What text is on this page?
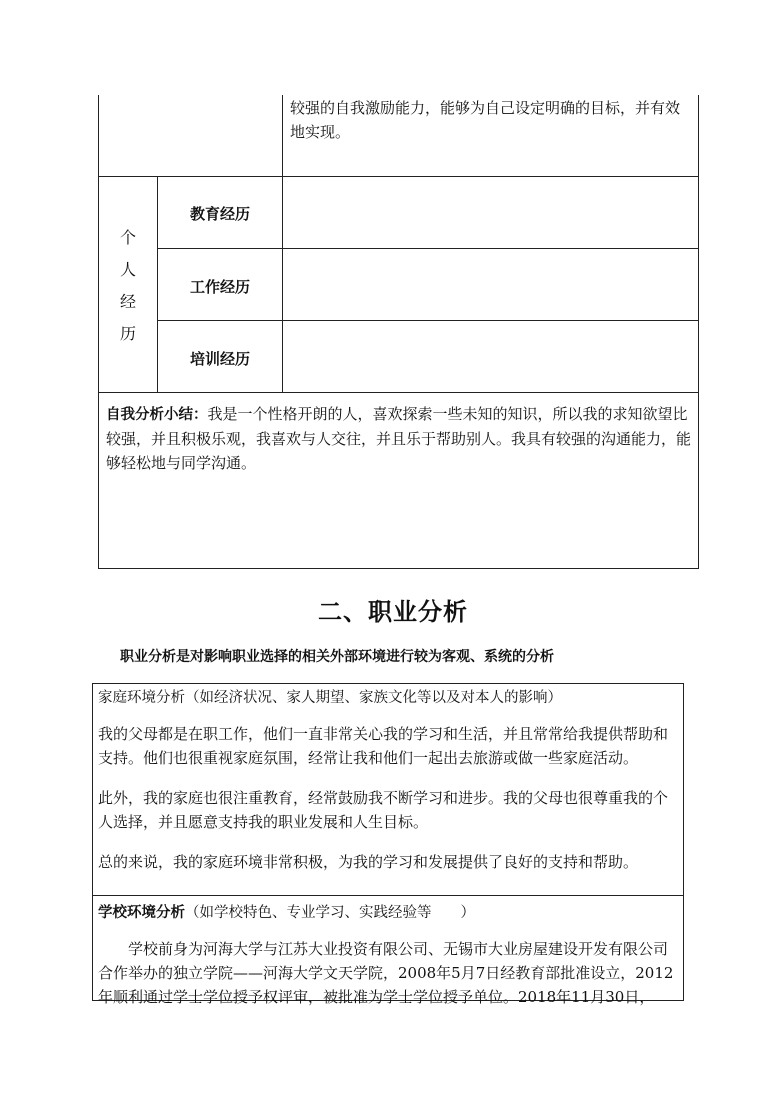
较强的自我激励能力，能够为自己设定明确的目标，并有效地实现。
个
人
经
历
教育经历
工作经历
培训经历
自我分析小结：我是一个性格开朗的人，喜欢探索一些未知的知识，所以我的求知欲望比较强，并且积极乐观，我喜欢与人交往，并且乐于帮助别人。我具有较强的沟通能力，能够轻松地与同学沟通。
二、职业分析
职业分析是对影响职业选择的相关外部环境进行较为客观、系统的分析
家庭环境分析（如经济状况、家人期望、家族文化等以及对本人的影响）

我的父母都是在职工作，他们一直非常关心我的学习和生活，并且常常给我提供帮助和支持。他们也很重视家庭氛围，经常让我和他们一起出去旅游或做一些家庭活动。

此外，我的家庭也很注重教育，经常鼓励我不断学习和进步。我的父母也很尊重我的个人选择，并且愿意支持我的职业发展和人生目标。

总的来说，我的家庭环境非常积极，为我的学习和发展提供了良好的支持和帮助。

学校环境分析（如学校特色、专业学习、实践经验等　　）

学校前身为河海大学与江苏大业投资有限公司、无锡市大业房屋建设开发有限公司合作举办的独立学院——河海大学文天学院，2008年5月7日经教育部批准设立，2012年顺利通过学士学位授予权评审，被批准为学士学位授予单位。2018年11月30日，
